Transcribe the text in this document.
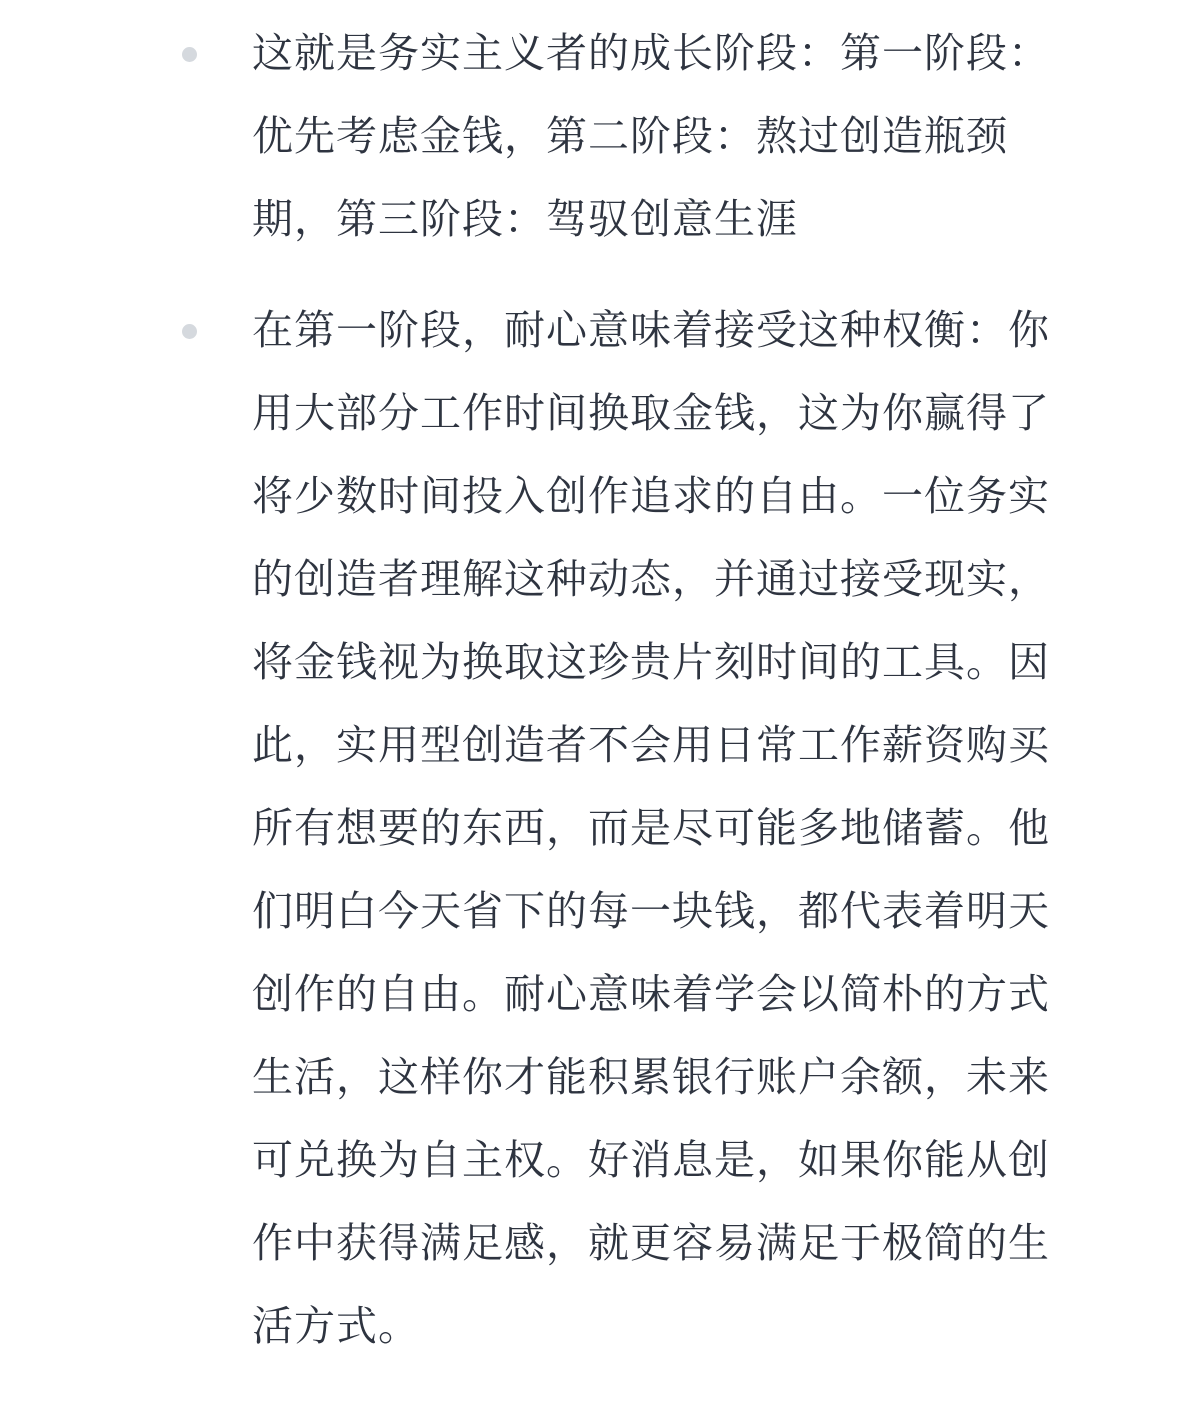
这就是务实主义者的成长阶段：第一阶段：优先考虑金钱，第二阶段：熬过创造瓶颈期，第三阶段：驾驭创意生涯
在第一阶段，耐心意味着接受这种权衡：你用大部分工作时间换取金钱，这为你赢得了将少数时间投入创作追求的自由。一位务实的创造者理解这种动态，并通过接受现实，将金钱视为换取这珍贵片刻时间的工具。因此，实用型创造者不会用日常工作薪资购买所有想要的东西，而是尽可能多地储蓄。他们明白今天省下的每一块钱，都代表着明天创作的自由。耐心意味着学会以简朴的方式生活，这样你才能积累银行账户余额，未来可兑换为自主权。好消息是，如果你能从创作中获得满足感，就更容易满足于极简的生活方式。
